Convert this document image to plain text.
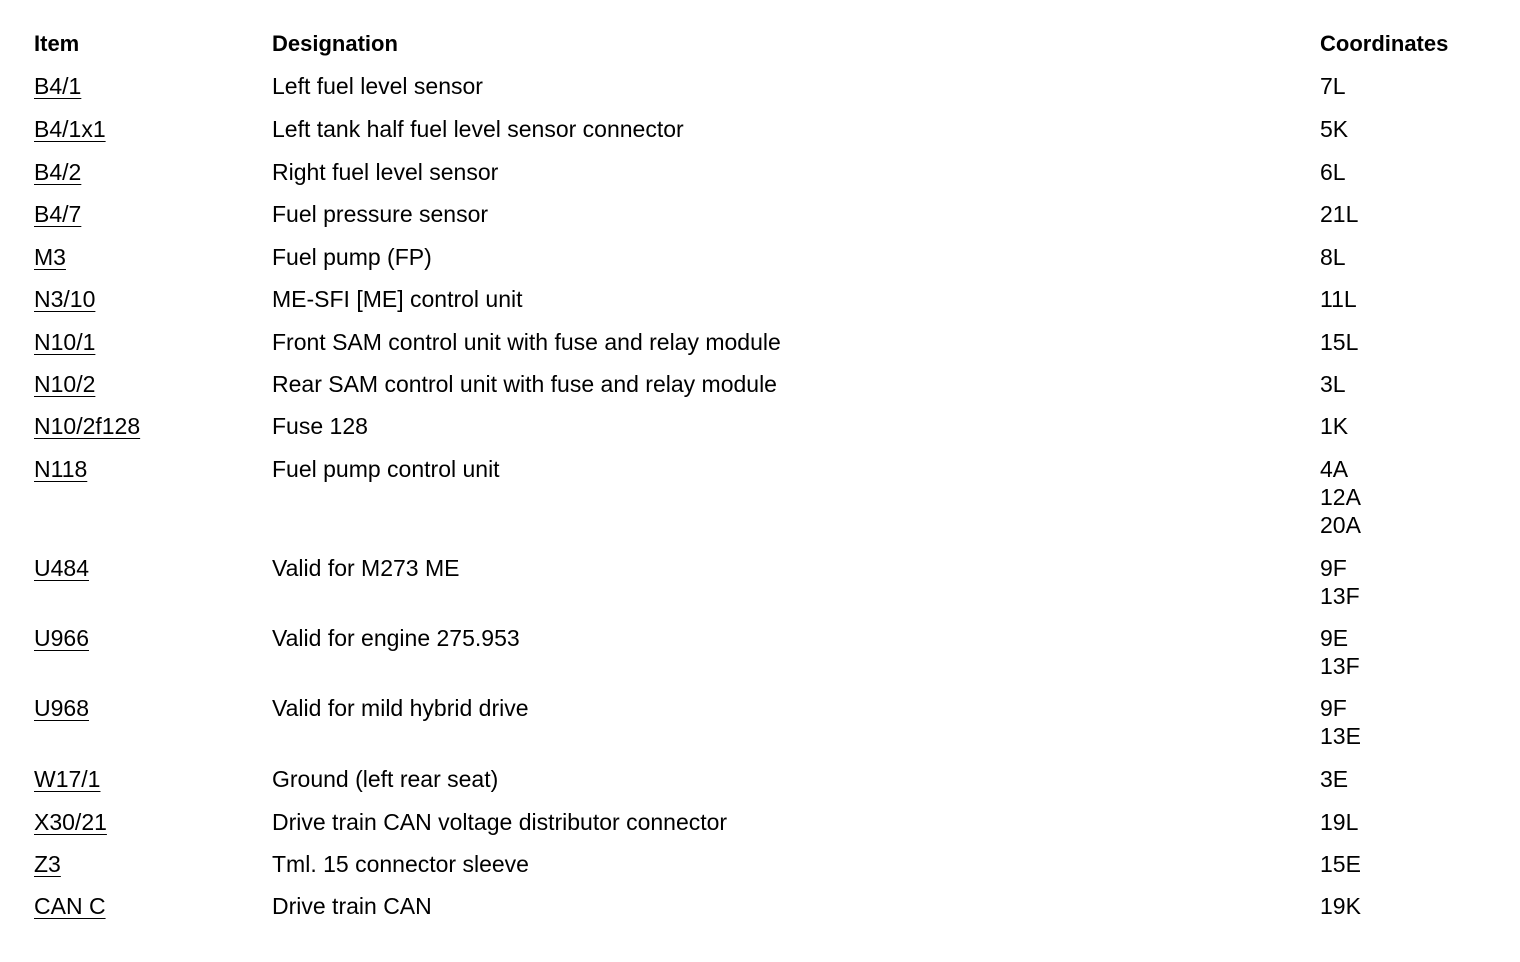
Item	Designation	Coordinates
B4/1	Left fuel level sensor	7L
B4/1x1	Left tank half fuel level sensor connector	5K
B4/2	Right fuel level sensor	6L
B4/7	Fuel pressure sensor	21L
M3	Fuel pump (FP)	8L
N3/10	ME-SFI [ME] control unit	11L
N10/1	Front SAM control unit with fuse and relay module	15L
N10/2	Rear SAM control unit with fuse and relay module	3L
N10/2f128	Fuse 128	1K
N118	Fuel pump control unit	4A
12A
20A
U484	Valid for M273 ME	9F
13F
U966	Valid for engine 275.953	9E
13F
U968	Valid for mild hybrid drive	9F
13E
W17/1	Ground (left rear seat)	3E
X30/21	Drive train CAN voltage distributor connector	19L
Z3	Tml. 15 connector sleeve	15E
CAN C	Drive train CAN	19K
